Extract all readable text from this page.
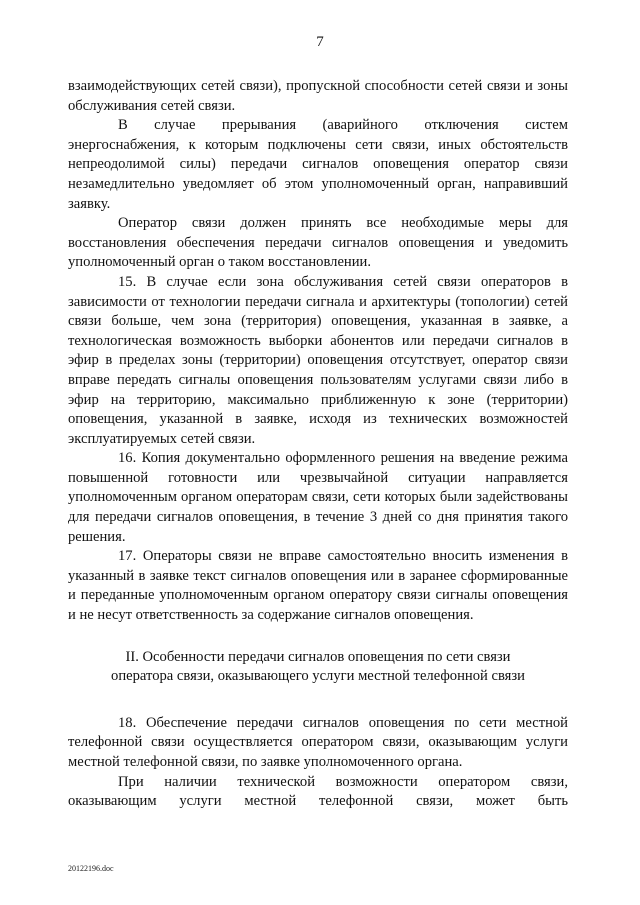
7

взаимодействующих сетей связи), пропускной способности сетей связи и зоны обслуживания сетей связи.

В случае прерывания (аварийного отключения систем энергоснабжения, к которым подключены сети связи, иных обстоятельств непреодолимой силы) передачи сигналов оповещения оператор связи незамедлительно уведомляет об этом уполномоченный орган, направивший заявку.

Оператор связи должен принять все необходимые меры для восстановления обеспечения передачи сигналов оповещения и уведомить уполномоченный орган о таком восстановлении.

15. В случае если зона обслуживания сетей связи операторов в зависимости от технологии передачи сигнала и архитектуры (топологии) сетей связи больше, чем зона (территория) оповещения, указанная в заявке, а технологическая возможность выборки абонентов или передачи сигналов в эфир в пределах зоны (территории) оповещения отсутствует, оператор связи вправе передать сигналы оповещения пользователям услугами связи либо в эфир на территорию, максимально приближенную к зоне (территории) оповещения, указанной в заявке, исходя из технических возможностей эксплуатируемых сетей связи.

16. Копия документально оформленного решения на введение режима повышенной готовности или чрезвычайной ситуации направляется уполномоченным органом операторам связи, сети которых были задействованы для передачи сигналов оповещения, в течение 3 дней со дня принятия такого решения.

17. Операторы связи не вправе самостоятельно вносить изменения в указанный в заявке текст сигналов оповещения или в заранее сформированные и переданные уполномоченным органом оператору связи сигналы оповещения и не несут ответственность за содержание сигналов оповещения.

II. Особенности передачи сигналов оповещения по сети связи
оператора связи, оказывающего услуги местной телефонной связи

18. Обеспечение передачи сигналов оповещения по сети местной телефонной связи осуществляется оператором связи, оказывающим услуги местной телефонной связи, по заявке уполномоченного органа.

При наличии технической возможности оператором связи, оказывающим услуги местной телефонной связи, может быть

20122196.doc
